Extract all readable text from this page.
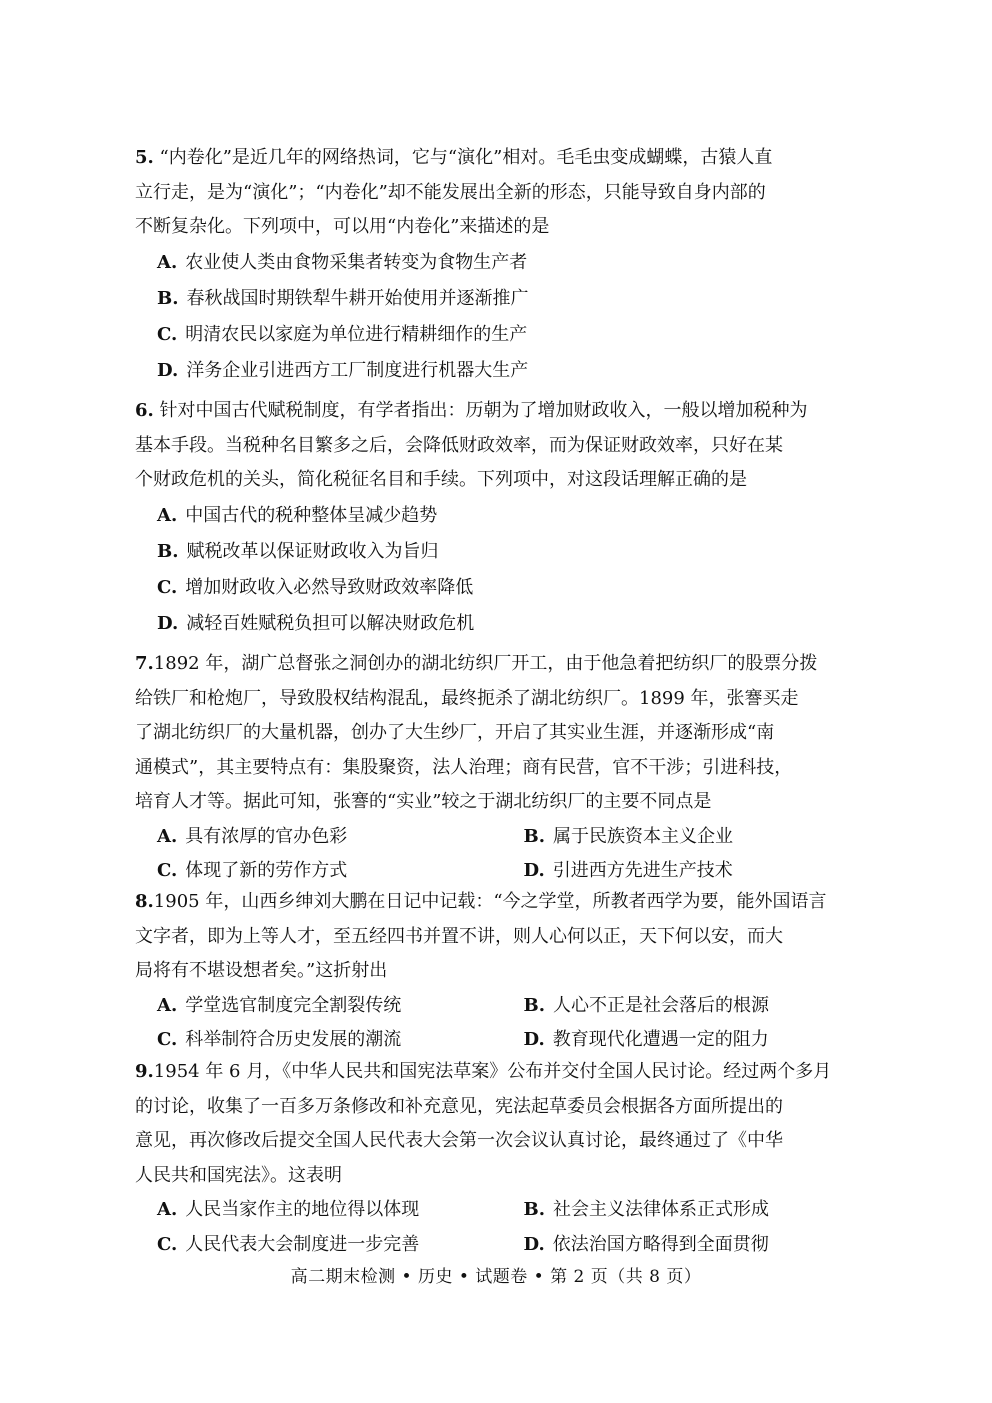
5. “内卷化”是近几年的网络热词，它与“演化”相对。毛毛虫变成蝴蝶，古猿人直
立行走，是为“演化”；“内卷化”却不能发展出全新的形态，只能导致自身内部的
不断复杂化。下列项中，可以用“内卷化”来描述的是
A. 农业使人类由食物采集者转变为食物生产者
B. 春秋战国时期铁犁牛耕开始使用并逐渐推广
C. 明清农民以家庭为单位进行精耕细作的生产
D. 洋务企业引进西方工厂制度进行机器大生产
6. 针对中国古代赋税制度，有学者指出：历朝为了增加财政收入，一般以增加税种为
基本手段。当税种名目繁多之后，会降低财政效率，而为保证财政效率，只好在某
个财政危机的关头，简化税征名目和手续。下列项中，对这段话理解正确的是
A. 中国古代的税种整体呈减少趋势
B. 赋税改革以保证财政收入为旨归
C. 增加财政收入必然导致财政效率降低
D. 减轻百姓赋税负担可以解决财政危机
7.1892 年，湖广总督张之洞创办的湖北纺织厂开工，由于他急着把纺织厂的股票分拨
给铁厂和枪炮厂，导致股权结构混乱，最终扼杀了湖北纺织厂。1899 年，张謇买走
了湖北纺织厂的大量机器，创办了大生纱厂，开启了其实业生涯，并逐渐形成“南
通模式”，其主要特点有：集股聚资，法人治理；商有民营，官不干涉；引进科技，
培育人才等。据此可知，张謇的“实业”较之于湖北纺织厂的主要不同点是
A. 具有浓厚的官办色彩	B. 属于民族资本主义企业
C. 体现了新的劳作方式	D. 引进西方先进生产技术
8.1905 年，山西乡绅刘大鹏在日记中记载：“今之学堂，所教者西学为要，能外国语言
文字者，即为上等人才，至五经四书并置不讲，则人心何以正，天下何以安，而大
局将有不堪设想者矣。”这折射出
A. 学堂选官制度完全割裂传统	B. 人心不正是社会落后的根源
C. 科举制符合历史发展的潮流	D. 教育现代化遭遇一定的阻力
9.1954 年 6 月，《中华人民共和国宪法草案》公布并交付全国人民讨论。经过两个多月
的讨论，收集了一百多万条修改和补充意见，宪法起草委员会根据各方面所提出的
意见，再次修改后提交全国人民代表大会第一次会议认真讨论，最终通过了《中华
人民共和国宪法》。这表明
A. 人民当家作主的地位得以体现	B. 社会主义法律体系正式形成
C. 人民代表大会制度进一步完善	D. 依法治国方略得到全面贯彻
高二期末检测 • 历史 • 试题卷 • 第 2 页（共 8 页）
